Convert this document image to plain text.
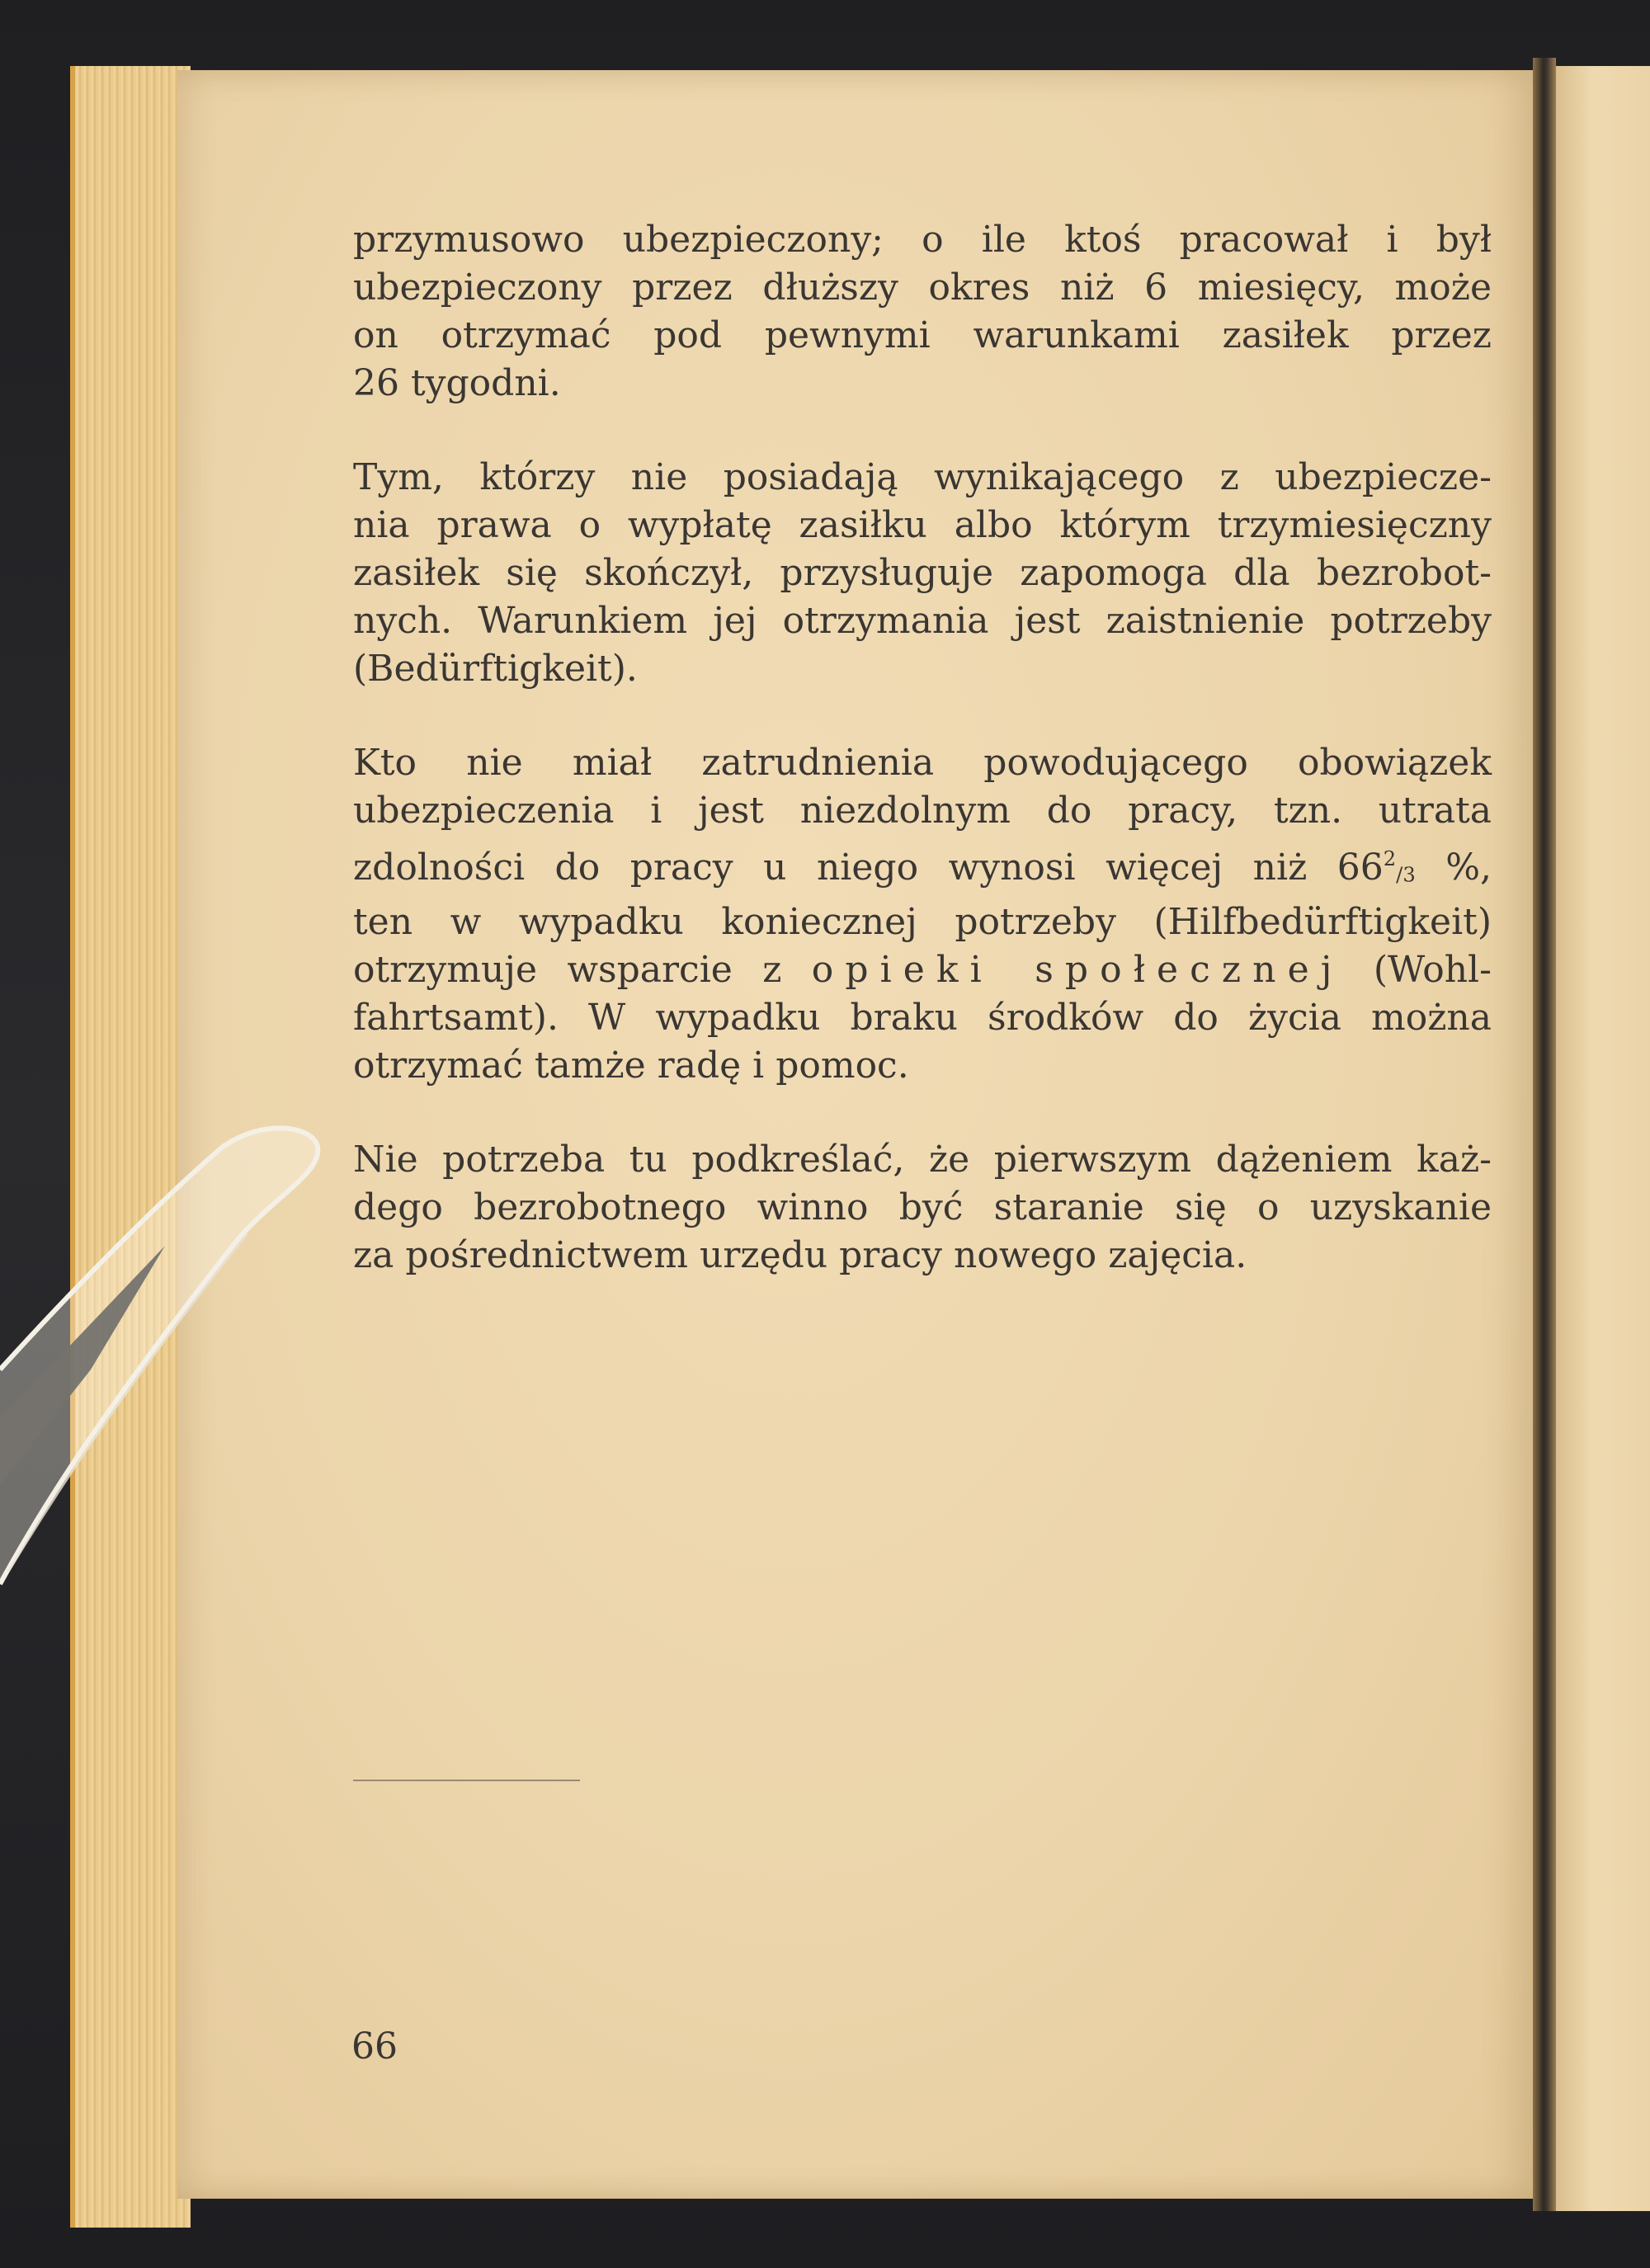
przymusowo ubezpieczony; o ile ktoś pracował i był
ubezpieczony przez dłuższy okres niż 6 miesięcy, może
on otrzymać pod pewnymi warunkami zasiłek przez
26 tygodni.

Tym, którzy nie posiadają wynikającego z ubezpiecze-
nia prawa o wypłatę zasiłku albo którym trzymiesięczny
zasiłek się skończył, przysługuje zapomoga dla bezrobot-
nych. Warunkiem jej otrzymania jest zaistnienie potrzeby
(Bedürftigkeit).

Kto nie miał zatrudnienia powodującego obowiązek
ubezpieczenia i jest niezdolnym do pracy, tzn. utrata
zdolności do pracy u niego wynosi więcej niż $66^2/3$ %,
ten w wypadku koniecznej potrzeby (Hilfbedürftigkeit)
otrzymuje wsparcie z opieki społecznej (Wohl-
fahrtsamt). W wypadku braku środków do życia można
otrzymać tamże radę i pomoc.

Nie potrzeba tu podkreślać, że pierwszym dążeniem każ-
dego bezrobotnego winno być staranie się o uzyskanie
za pośrednictwem urzędu pracy nowego zajęcia.

66
